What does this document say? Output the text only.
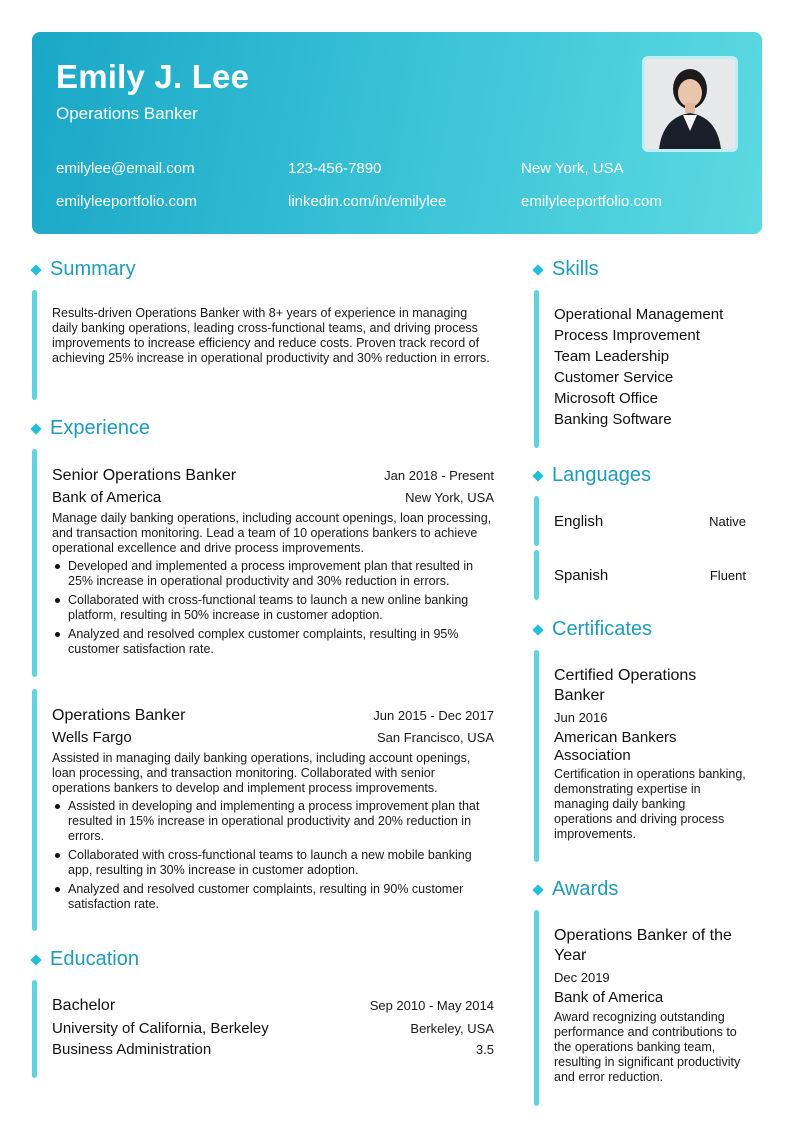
Emily J. Lee
Operations Banker
emilylee@email.com	123-456-7890	New York, USA
emilyleeportfolio.com	linkedin.com/in/emilylee	emilyleeportfolio.com
Summary
Results-driven Operations Banker with 8+ years of experience in managing daily banking operations, leading cross-functional teams, and driving process improvements to increase efficiency and reduce costs. Proven track record of achieving 25% increase in operational productivity and 30% reduction in errors.
Experience
Senior Operations Banker	Jan 2018 - Present
Bank of America	New York, USA
Manage daily banking operations, including account openings, loan processing, and transaction monitoring. Lead a team of 10 operations bankers to achieve operational excellence and drive process improvements.
Developed and implemented a process improvement plan that resulted in 25% increase in operational productivity and 30% reduction in errors.
Collaborated with cross-functional teams to launch a new online banking platform, resulting in 50% increase in customer adoption.
Analyzed and resolved complex customer complaints, resulting in 95% customer satisfaction rate.
Operations Banker	Jun 2015 - Dec 2017
Wells Fargo	San Francisco, USA
Assisted in managing daily banking operations, including account openings, loan processing, and transaction monitoring. Collaborated with senior operations bankers to develop and implement process improvements.
Assisted in developing and implementing a process improvement plan that resulted in 15% increase in operational productivity and 20% reduction in errors.
Collaborated with cross-functional teams to launch a new mobile banking app, resulting in 30% increase in customer adoption.
Analyzed and resolved customer complaints, resulting in 90% customer satisfaction rate.
Education
Bachelor	Sep 2010 - May 2014
University of California, Berkeley	Berkeley, USA
Business Administration	3.5
Skills
Operational Management
Process Improvement
Team Leadership
Customer Service
Microsoft Office
Banking Software
Languages
English	Native
Spanish	Fluent
Certificates
Certified Operations Banker
Jun 2016
American Bankers Association
Certification in operations banking, demonstrating expertise in managing daily banking operations and driving process improvements.
Awards
Operations Banker of the Year
Dec 2019
Bank of America
Award recognizing outstanding performance and contributions to the operations banking team, resulting in significant productivity and error reduction.
